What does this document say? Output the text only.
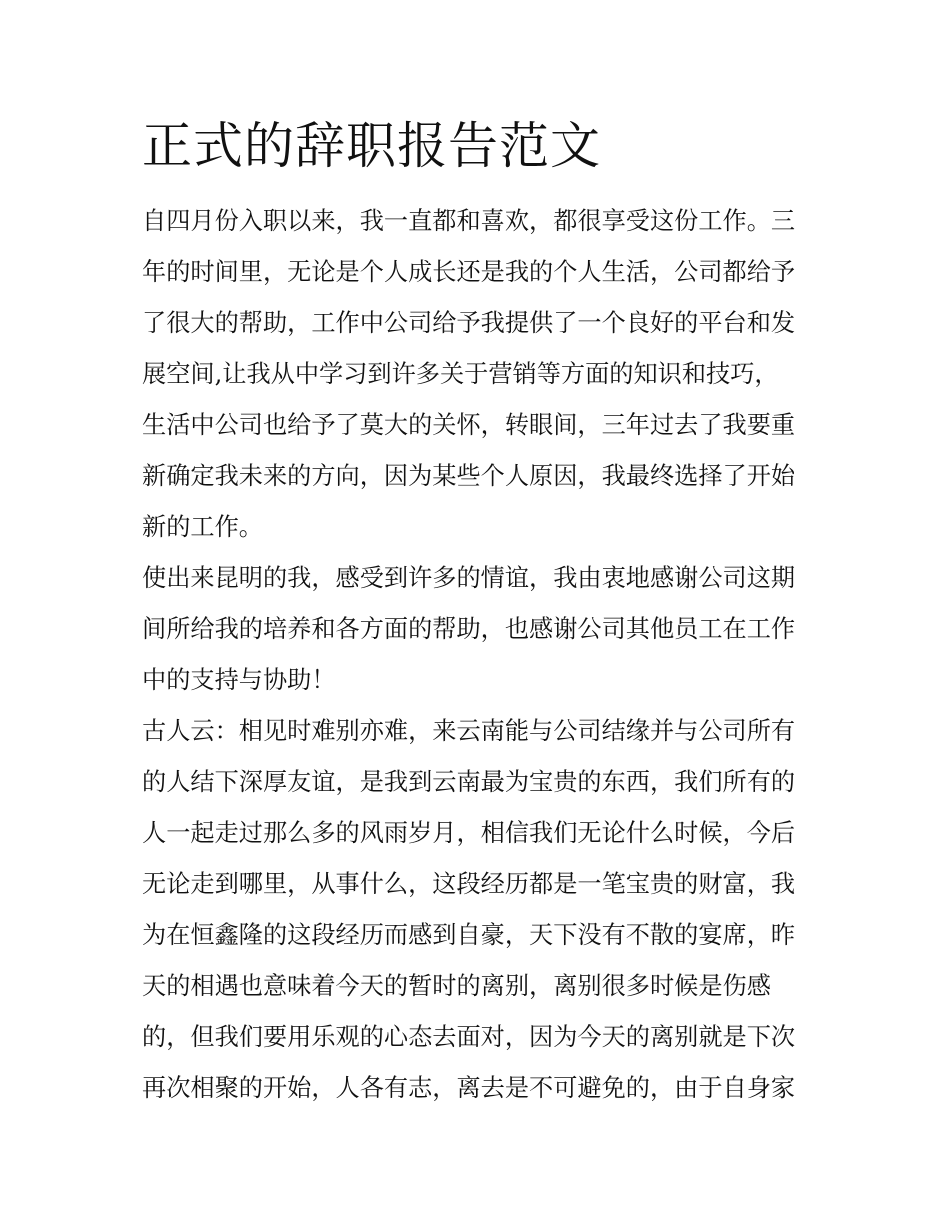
正式的辞职报告范文
自四月份入职以来，我一直都和喜欢，都很享受这份工作。三
年的时间里，无论是个人成长还是我的个人生活，公司都给予
了很大的帮助，工作中公司给予我提供了一个良好的平台和发
展空间,让我从中学习到许多关于营销等方面的知识和技巧，
生活中公司也给予了莫大的关怀，转眼间，三年过去了我要重
新确定我未来的方向，因为某些个人原因，我最终选择了开始
新的工作。
使出来昆明的我，感受到许多的情谊，我由衷地感谢公司这期
间所给我的培养和各方面的帮助，也感谢公司其他员工在工作
中的支持与协助！
古人云：相见时难别亦难，来云南能与公司结缘并与公司所有
的人结下深厚友谊，是我到云南最为宝贵的东西，我们所有的
人一起走过那么多的风雨岁月，相信我们无论什么时候，今后
无论走到哪里，从事什么，这段经历都是一笔宝贵的财富，我
为在恒鑫隆的这段经历而感到自豪，天下没有不散的宴席，昨
天的相遇也意味着今天的暂时的离别，离别很多时候是伤感
的，但我们要用乐观的心态去面对，因为今天的离别就是下次
再次相聚的开始，人各有志，离去是不可避免的，由于自身家
